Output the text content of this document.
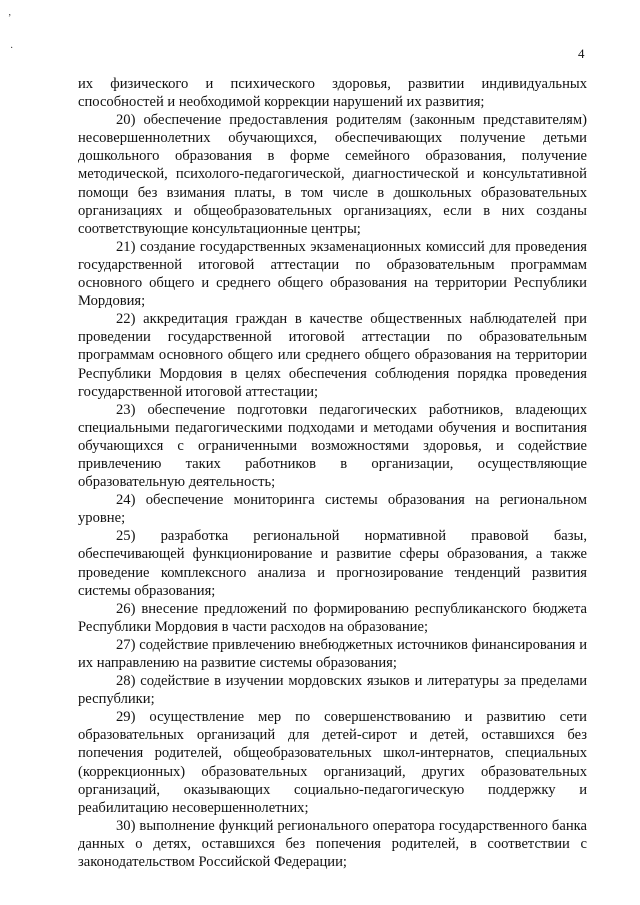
ʼ
·	4

их физического и психического здоровья, развитии индивидуальных способностей и необходимой коррекции нарушений их развития;

20) обеспечение предоставления родителям (законным представителям) несовершеннолетних обучающихся, обеспечивающих получение детьми дошкольного образования в форме семейного образования, получение методической, психолого-педагогической, диагностической и консультативной помощи без взимания платы, в том числе в дошкольных образовательных организациях и общеобразовательных организациях, если в них созданы соответствующие консультационные центры;

21) создание государственных экзаменационных комиссий для проведения государственной итоговой аттестации по образовательным программам основного общего и среднего общего образования на территории Республики Мордовия;

22) аккредитация граждан в качестве общественных наблюдателей при проведении государственной итоговой аттестации по образовательным программам основного общего или среднего общего образования на территории Республики Мордовия в целях обеспечения соблюдения порядка проведения государственной итоговой аттестации;

23) обеспечение подготовки педагогических работников, владеющих специальными педагогическими подходами и методами обучения и воспитания обучающихся с ограниченными возможностями здоровья, и содействие привлечению таких работников в организации, осуществляющие образовательную деятельность;

24) обеспечение мониторинга системы образования на региональном уровне;

25) разработка региональной нормативной правовой базы, обеспечивающей функционирование и развитие сферы образования, а также проведение комплексного анализа и прогнозирование тенденций развития системы образования;

26) внесение предложений по формированию республиканского бюджета Республики Мордовия в части расходов на образование;

27) содействие привлечению внебюджетных источников финансирования и их направлению на развитие системы образования;

28) содействие в изучении мордовских языков и литературы за пределами республики;

29) осуществление мер по совершенствованию и развитию сети образовательных организаций для детей-сирот и детей, оставшихся без попечения родителей, общеобразовательных школ-интернатов, специальных (коррекционных) образовательных организаций, других образовательных организаций, оказывающих социально-педагогическую поддержку и реабилитацию несовершеннолетних;

30) выполнение функций регионального оператора государственного банка данных о детях, оставшихся без попечения родителей, в соответствии с законодательством Российской Федерации;
